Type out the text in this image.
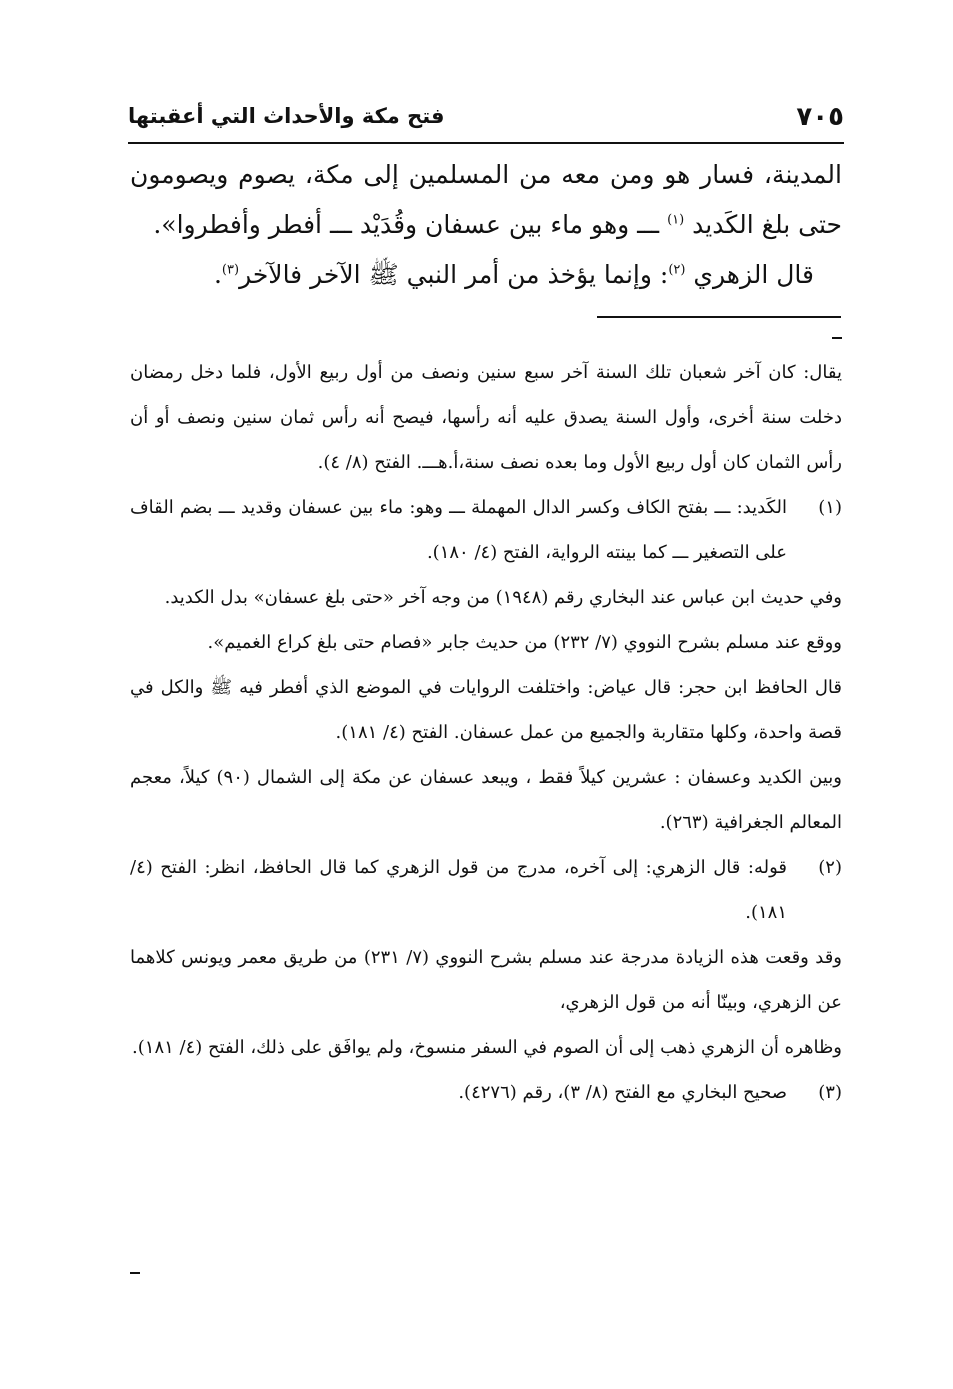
٧٠٥
فتح مكة والأحداث التي أعقبتها

المدينة، فسار هو ومن معه من المسلمين إلى مكة، يصوم ويصومون حتى بلغ الكَديد $^{(١)}$ ـــ وهو ماء بين عسفان وقُدَيْد ـــ أفطر وأفطروا».

قال الزهري $^{(٢)}$: وإنما يؤخذ من أمر النبي ﷺ الآخر فالآخر$^{(٣)}$.

يقال: كان آخر شعبان تلك السنة آخر سبع سنين ونصف من أول ربيع الأول، فلما دخل رمضان دخلت سنة أخرى، وأول السنة يصدق عليه أنه رأسها، فيصح أنه رأس ثمان سنين ونصف أو أن رأس الثمان كان أول ربيع الأول وما بعده نصف سنة،أ.هـــ. الفتح (٨/ ٤).

(١)

الكَديد: ـــ بفتح الكاف وكسر الدال المهملة ـــ وهو: ماء بين عسفان وقديد ـــ بضم القاف على التصغير ـــ كما بينته الرواية، الفتح (٤/ ١٨٠).

وفي حديث ابن عباس عند البخاري رقم (١٩٤٨) من وجه آخر «حتى بلغ عسفان» بدل الكديد.

ووقع عند مسلم بشرح النووي (٧/ ٢٣٢) من حديث جابر «فصام حتى بلغ كراع الغميم».

قال الحافظ ابن حجر: قال عياض: واختلفت الروايات في الموضع الذي أفطر فيه ﷺ والكل في قصة واحدة، وكلها متقاربة والجميع من عمل عسفان. الفتح (٤/ ١٨١).

وبين الكديد وعسفان : عشرين كيلاً فقط ، ويبعد عسفان عن مكة إلى الشمال (٩٠) كيلاً، معجم المعالم الجغرافية (٢٦٣).

(٢)

قوله: قال الزهري: إلى آخره، مدرج من قول الزهري كما قال الحافظ، انظر: الفتح (٤/ ١٨١).

وقد وقعت هذه الزيادة مدرجة عند مسلم بشرح النووي (٧/ ٢٣١) من طريق معمر ويونس كلاهما عن الزهري، وبينّا أنه من قول الزهري،

وظاهره أن الزهري ذهب إلى أن الصوم في السفر منسوخ، ولم يوافَق على ذلك، الفتح (٤/ ١٨١).

(٣)

صحيح البخاري مع الفتح (٨/ ٣)، رقم (٤٢٧٦).
